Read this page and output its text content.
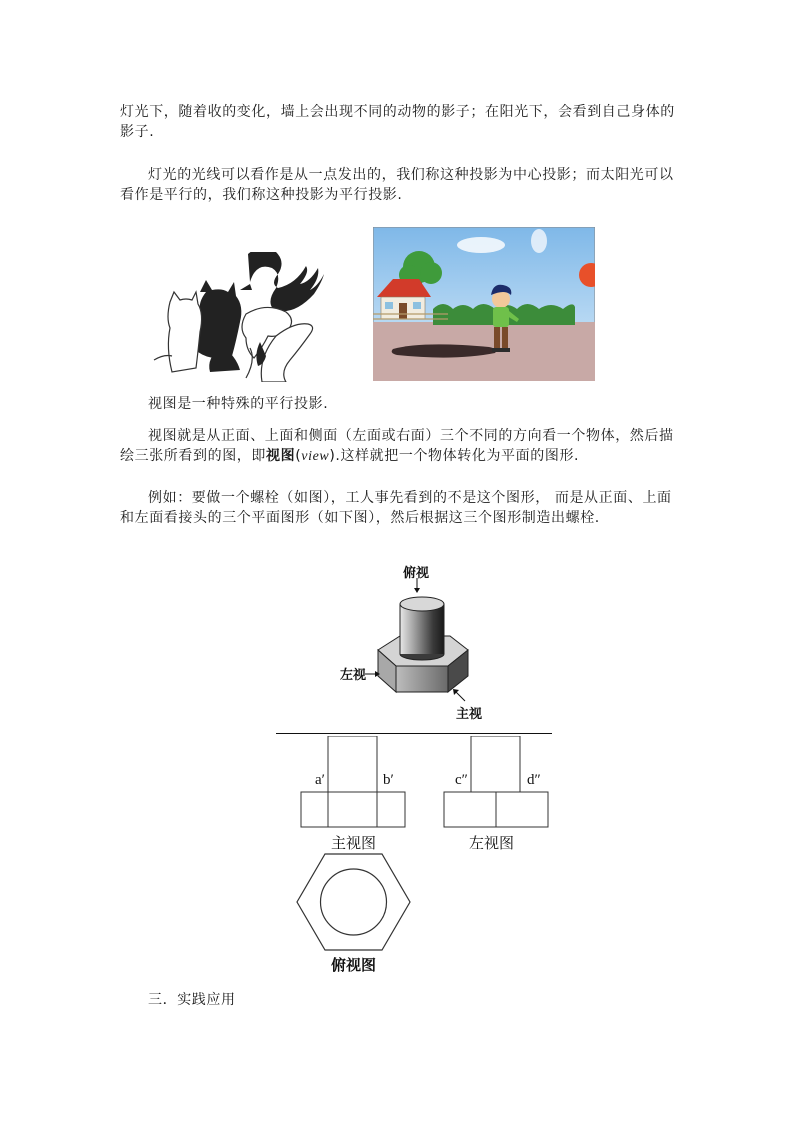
灯光下，随着收的变化，墙上会出现不同的动物的影子；在阳光下，会看到自己身体的影子.

灯光的光线可以看作是从一点发出的，我们称这种投影为中心投影；而太阳光可以看作是平行的，我们称这种投影为平行投影.

视图是一种特殊的平行投影.

视图就是从正面、上面和侧面（左面或右面）三个不同的方向看一个物体，然后描绘三张所看到的图，即视图(view).这样就把一个物体转化为平面的图形.

例如：要做一个螺栓（如图），工人事先看到的不是这个图形， 而是从正面、上面和左面看接头的三个平面图形（如下图），然后根据这三个图形制造出螺栓.

俯视
左视
主视
a′	b′
主视图
c″	d″
左视图
俯视图

三．实践应用
